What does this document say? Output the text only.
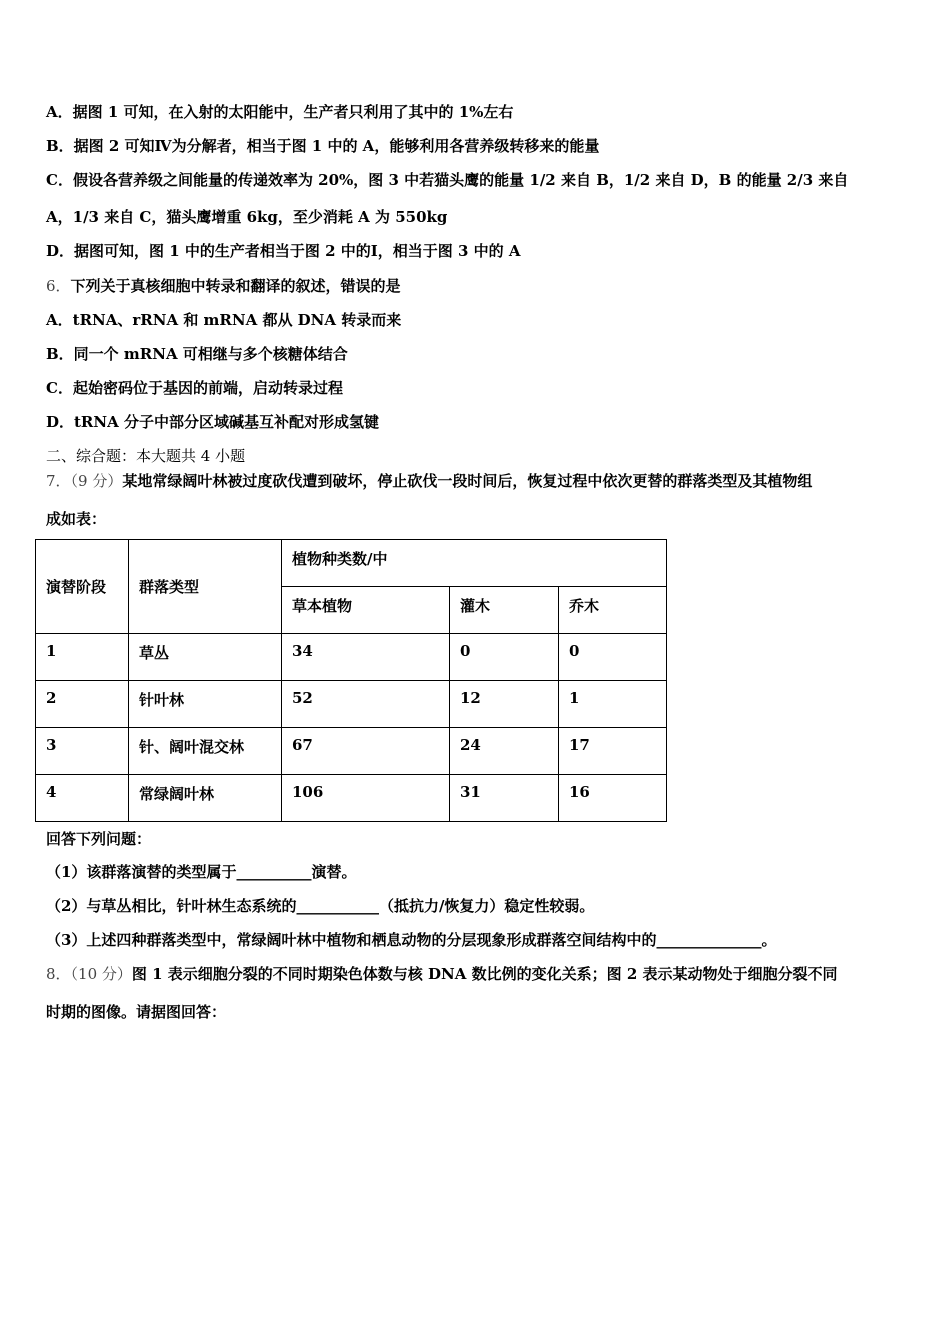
A．据图 1 可知，在入射的太阳能中，生产者只利用了其中的 1%左右
B．据图 2 可知Ⅳ为分解者，相当于图 1 中的 A，能够利用各营养级转移来的能量
C．假设各营养级之间能量的传递效率为 20%，图 3 中若猫头鹰的能量 1/2 来自 B，1/2 来自 D，B 的能量 2/3 来自
A，1/3 来自 C，猫头鹰增重 6kg，至少消耗 A 为 550kg
D．据图可知，图 1 中的生产者相当于图 2 中的Ⅰ，相当于图 3 中的 A
6．下列关于真核细胞中转录和翻译的叙述，错误的是
A．tRNA、rRNA 和 mRNA 都从 DNA 转录而来
B．同一个 mRNA 可相继与多个核糖体结合
C．起始密码位于基因的前端，启动转录过程
D．tRNA 分子中部分区域碱基互补配对形成氢键
二、综合题：本大题共 4 小题
7．（9 分）某地常绿阔叶林被过度砍伐遭到破坏，停止砍伐一段时间后，恢复过程中依次更替的群落类型及其植物组
成如表：
演替阶段	群落类型	植物种类数/中		
		草本植物	灌木	乔木
1	草丛	34	0	0
2	针叶林	52	12	1
3	针、阔叶混交林	67	24	17
4	常绿阔叶林	106	31	16
回答下列问题：
（1）该群落演替的类型属于__________演替。
（2）与草丛相比，针叶林生态系统的___________（抵抗力/恢复力）稳定性较弱。
（3）上述四种群落类型中，常绿阔叶林中植物和栖息动物的分层现象形成群落空间结构中的______________。
8．（10 分）图 1 表示细胞分裂的不同时期染色体数与核 DNA 数比例的变化关系；图 2 表示某动物处于细胞分裂不同
时期的图像。请据图回答：
